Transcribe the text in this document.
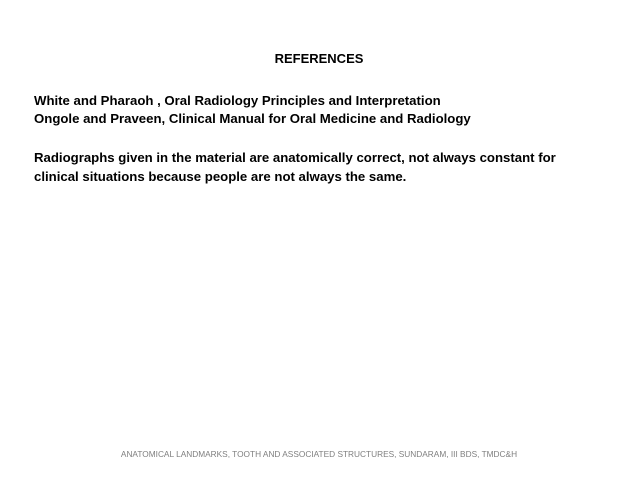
REFERENCES
White and Pharaoh , Oral Radiology Principles and Interpretation
Ongole and Praveen, Clinical Manual for Oral Medicine and Radiology
Radiographs given in the material are anatomically correct, not always constant for
clinical situations because people are not always the same.
ANATOMICAL LANDMARKS, TOOTH AND ASSOCIATED STRUCTURES, SUNDARAM, III BDS, TMDC&H
